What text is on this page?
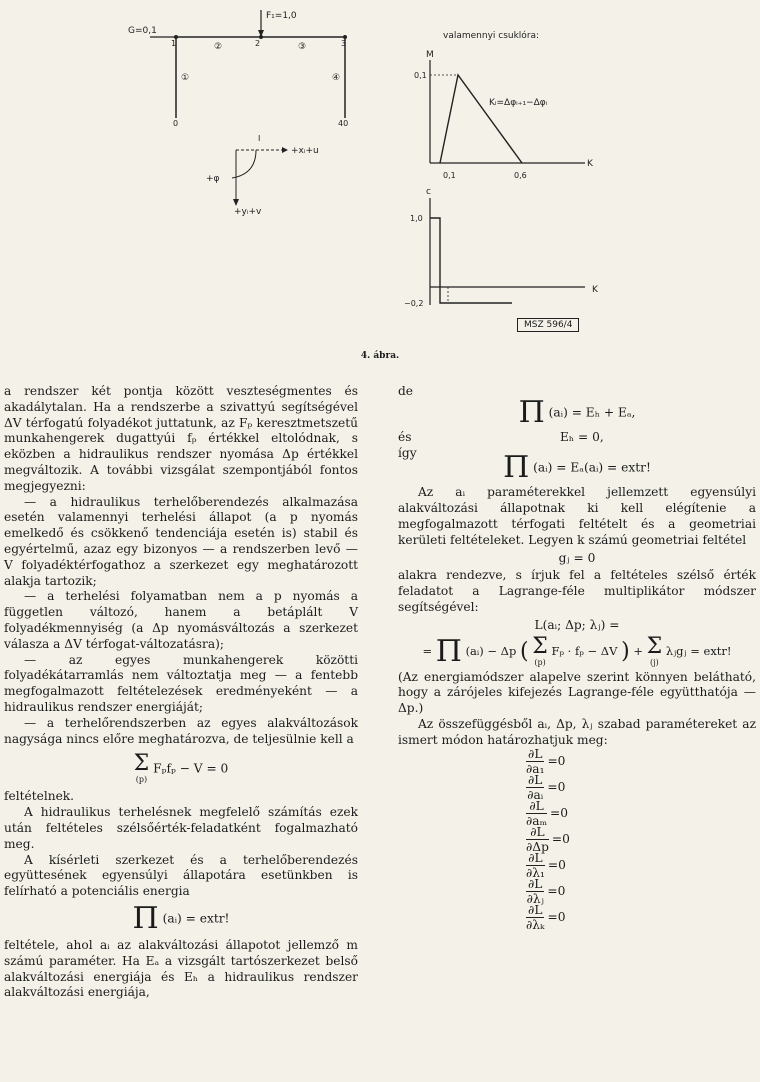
G=0,1
F₁=1,0
1	2	3
0	40
①
②	③
④
I
+xᵢ+u
+φ
+yᵢ+v
valamennyi csuklóra:
M
K
0,1
Kᵢ=Δφᵢ₊₁−Δφᵢ
0,1	0,6
c
K
1,0
−0,2
MSZ 596/4
4. ábra.

a rendszer két pontja között veszteségmentes és akadálytalan. Ha a rendszerbe a szivattyú segítségével ΔV térfogatú folyadékot juttatunk, az Fₚ keresztmetszetű munkahengerek dugattyúi fₚ értékkel eltolódnak, s eközben a hidraulikus rendszer nyomása Δp értékkel megváltozik. A további vizsgálat szempontjából fontos megjegyezni:

— a hidraulikus terhelőberendezés alkalmazása esetén valamennyi terhelési állapot (a p nyomás emelkedő és csökkenő tendenciája esetén is) stabil és egyértelmű, azaz egy bizonyos — a rendszerben levő — V folyadéktérfogathoz a szerkezet egy meghatározott alakja tartozik;

— a terhelési folyamatban nem a p nyomás a független változó, hanem a betáplált V folyadékmennyiség (a Δp nyomásváltozás a szerkezet válasza a ΔV térfogat-változatásra);

— az egyes munkahengerek közötti folyadékátarramlás nem változtatja meg — a fentebb megfogalmazott feltételezések eredményeként — a hidraulikus rendszer energiáját;

— a terhelőrendszerben az egyes alakváltozások nagysága nincs előre meghatározva, de teljesülnie kell a

Σ
(p)
Fₚfₚ − V = 0

feltételnek.

A hidraulikus terhelésnek megfelelő számítás ezek után feltételes szélsőérték-feladatként fogalmazható meg.

A kísérleti szerkezet és a terhelőberendezés együttesének egyensúlyi állapotára esetünkben is felírható a potenciális energia

Π (aᵢ) = extr!

feltétele, ahol aᵢ az alakváltozási állapotot jellemző m számú paraméter. Ha Eₐ a vizsgált tartószerkezet belső alakváltozási energiája és Eₕ a hidraulikus rendszer alakváltozási energiája,

de
Π (aᵢ) = Eₕ + Eₐ,
és	Eₕ = 0,
így	Π (aᵢ) = Eₐ(aᵢ) = extr!

Az aᵢ paraméterekkel jellemzett egyensúlyi alakváltozási állapotnak ki kell elégítenie a megfogalmazott térfogati feltételt és a geometriai kerületi feltételeket. Legyen k számú geometriai feltétel

gⱼ = 0

alakra rendezve, s írjuk fel a feltételes szélső érték feladatot a Lagrange-féle multiplikátor módszer segítségével:

L(aᵢ; Δp; λⱼ) =
= Π (aᵢ) − Δp ( Σ
(p)
Fₚ · fₚ − ΔV ) + Σ
(j)
λⱼgⱼ = extr!

(Az energiamódszer alapelve szerint könnyen belátható, hogy a zárójeles kifejezés Lagrange-féle együtthatója — Δp.)

Az összefüggésből aᵢ, Δp, λⱼ szabad paramétereket az ismert módon határozhatjuk meg:

$\frac{\partial L}{\text{∂a₁}} =0$
$\frac{\partial L}{\text{∂aᵢ}} =0$
$\frac{\partial L}{\text{∂aₘ}} =0$
$\frac{\partial L}{\partial\Delta p} =0$
$\frac{\partial L}{\text{∂λ₁}} =0$
$\frac{\partial L}{\text{∂λⱼ}} =0$
$\frac{\partial L}{\text{∂λₖ}} =0$
